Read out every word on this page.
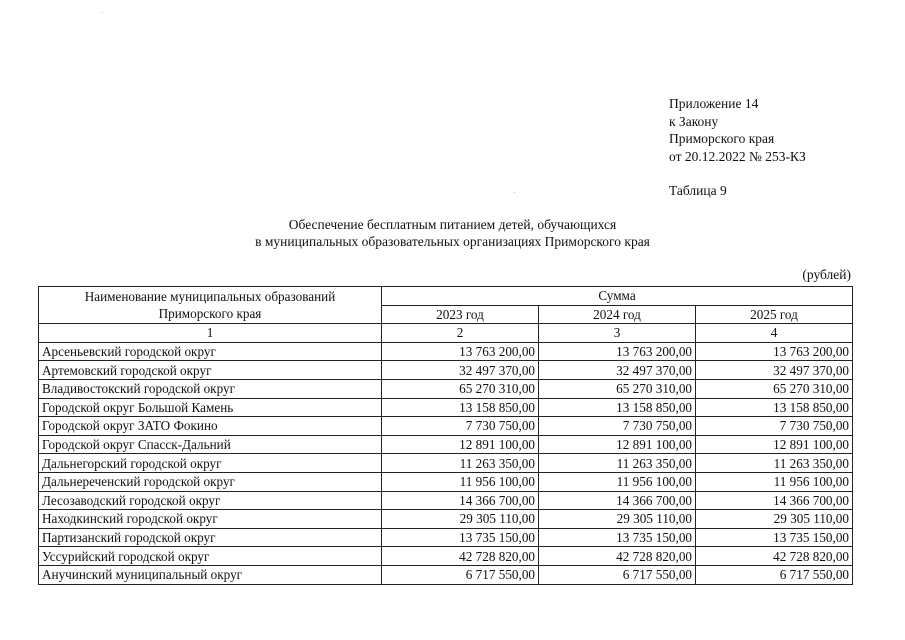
Приложение 14
к Закону
Приморского края
от 20.12.2022 № 253-КЗ
Таблица 9
Обеспечение бесплатным питанием детей, обучающихся
в муниципальных образовательных организациях Приморского края
(рублей)
Наименование муниципальных образований Приморского края	Сумма		
	2023 год	2024 год	2025 год
1	2	3	4
Арсеньевский городской округ	13 763 200,00	13 763 200,00	13 763 200,00
Артемовский городской округ	32 497 370,00	32 497 370,00	32 497 370,00
Владивостокский городской округ	65 270 310,00	65 270 310,00	65 270 310,00
Городской округ Большой Камень	13 158 850,00	13 158 850,00	13 158 850,00
Городской округ ЗАТО Фокино	7 730 750,00	7 730 750,00	7 730 750,00
Городской округ Спасск-Дальний	12 891 100,00	12 891 100,00	12 891 100,00
Дальнегорский городской округ	11 263 350,00	11 263 350,00	11 263 350,00
Дальнереченский городской округ	11 956 100,00	11 956 100,00	11 956 100,00
Лесозаводский городской округ	14 366 700,00	14 366 700,00	14 366 700,00
Находкинский городской округ	29 305 110,00	29 305 110,00	29 305 110,00
Партизанский городской округ	13 735 150,00	13 735 150,00	13 735 150,00
Уссурийский городской округ	42 728 820,00	42 728 820,00	42 728 820,00
Анучинский муниципальный округ	6 717 550,00	6 717 550,00	6 717 550,00
